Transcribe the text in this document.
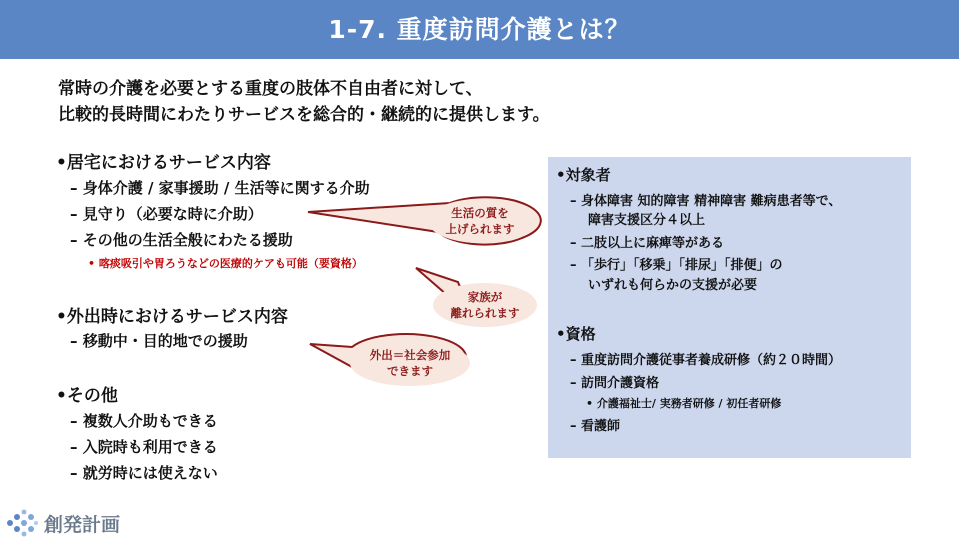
1-7. 重度訪問介護とは？
常時の介護を必要とする重度の肢体不自由者に対して、
比較的長時間にわたりサービスを総合的・継続的に提供します。
•居宅におけるサービス内容
– 身体介護 / 家事援助 / 生活等に関する介助
– 見守り（必要な時に介助）
– その他の生活全般にわたる援助
• 喀痰吸引や胃ろうなどの医療的ケアも可能（要資格）
•外出時におけるサービス内容
– 移動中・目的地での援助
•その他
– 複数人介助もできる
– 入院時も利用できる
– 就労時には使えない
•対象者
– 身体障害 知的障害 精神障害 難病患者等で、
障害支援区分４以上
– 二肢以上に麻痺等がある
– 「歩行」「移乗」「排尿」「排便」の
いずれも何らかの支援が必要
•資格
– 重度訪問介護従事者養成研修（約２０時間）
– 訪問介護資格
• 介護福祉士/ 実務者研修 / 初任者研修
– 看護師
生活の質を
上げられます
家族が
離れられます
外出＝社会参加
できます
創発計画
